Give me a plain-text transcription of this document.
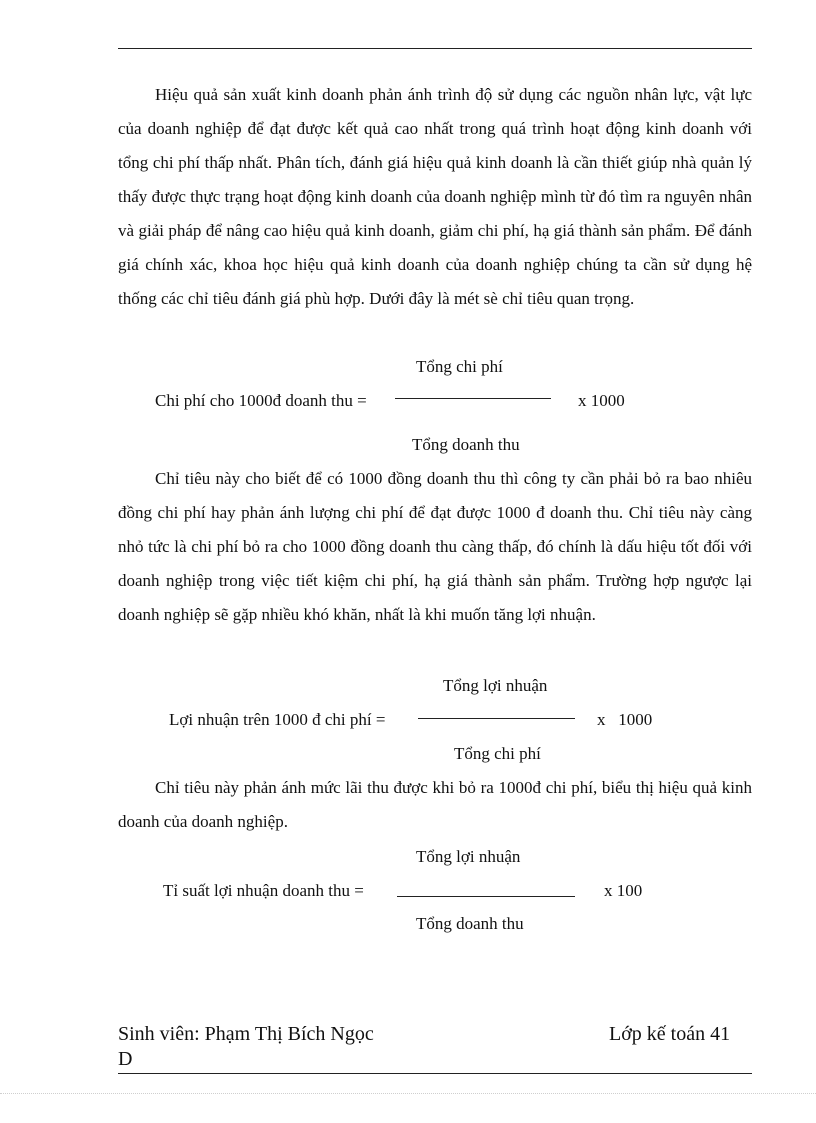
Hiệu quả sản xuất kinh doanh phản ánh trình độ sử dụng các nguồn nhân lực, vật lực của doanh nghiệp để đạt được kết quả cao nhất trong quá trình hoạt động kinh doanh với tổng chi phí thấp nhất. Phân tích, đánh giá hiệu quả kinh doanh là cần thiết giúp nhà quản lý thấy được thực trạng hoạt động kinh doanh của doanh nghiệp mình từ đó tìm ra nguyên nhân và giải pháp để nâng cao hiệu quả kinh doanh, giảm chi phí, hạ giá thành sản phẩm. Để đánh giá chính xác, khoa học hiệu quả kinh doanh của doanh nghiệp chúng ta cần sử dụng hệ thống các chỉ tiêu đánh giá phù hợp. Dưới đây là mét sè chỉ tiêu quan trọng.

Tổng chi phí
Chi phí cho 1000đ doanh thu =	x 1000
Tổng doanh thu

Chỉ tiêu này cho biết để có 1000 đồng doanh thu thì công ty cần phải bỏ ra bao nhiêu đồng chi phí hay phản ánh lượng chi phí để đạt được 1000 đ doanh thu. Chỉ tiêu này càng nhỏ tức là chi phí bỏ ra cho 1000 đồng doanh thu càng thấp, đó chính là dấu hiệu tốt đối với doanh nghiệp trong việc tiết kiệm chi phí, hạ giá thành sản phẩm. Trường hợp ngược lại doanh nghiệp sẽ gặp nhiều khó khăn, nhất là khi muốn tăng lợi nhuận.

Tổng lợi nhuận
Lợi nhuận trên 1000 đ chi phí =	x   1000
Tổng chi phí

Chỉ tiêu này phản ánh mức lãi thu được khi bỏ ra 1000đ chi phí, biểu thị hiệu quả kinh doanh của doanh nghiệp.

Tổng lợi nhuận
Tỉ suất lợi nhuận doanh thu =	x 100
Tổng doanh thu
Sinh viên: Phạm Thị Bích Ngọc	Lớp kế toán 41
D
